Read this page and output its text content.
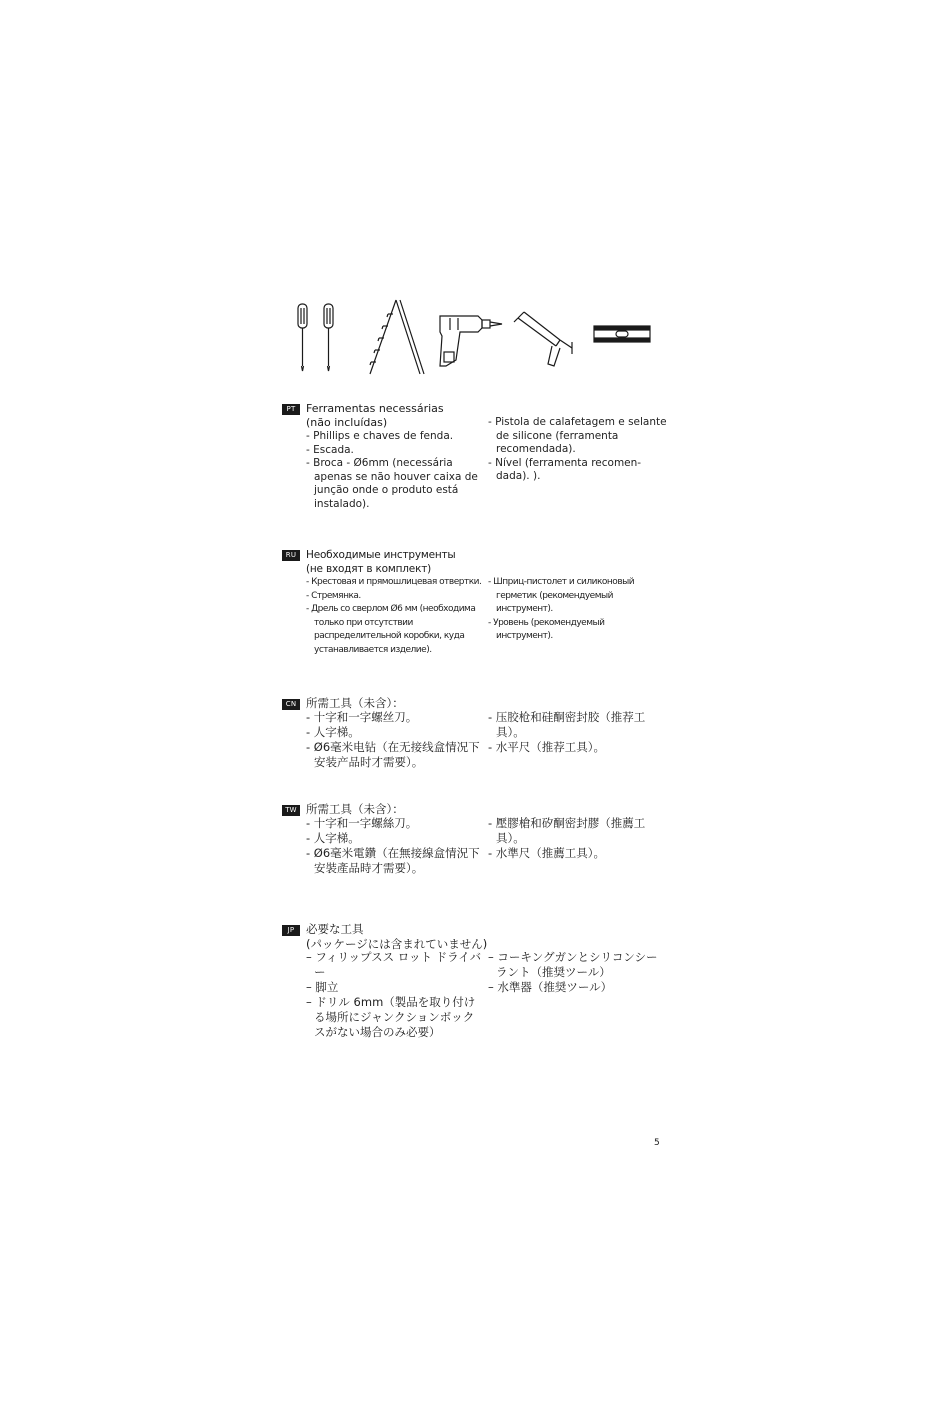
PT Ferramentas necessárias
(não incluídas)
- Phillips e chaves de fenda.
- Escada.
- Broca - Ø6mm (necessária apenas se não houver caixa de junção onde o produto está instalado).
- Pistola de calafetagem e selante de silicone (ferramenta recomendada).
- Nível (ferramenta recomen-dada). ).
RU Необходимые инструменты
(не входят в комплект)
- Крестовая и прямошлицевая отвертки.
- Стремянка.
- Дрель со сверлом Ø6 мм (необходима только при отсутствии распределительной коробки, куда устанавливается изделие).
- Шприц-пистолет и силиконовый герметик (рекомендуемый инструмент).
- Уровень (рекомендуемый инструмент).
CN 所需工具（未含）：
- 十字和一字螺丝刀。
- 人字梯。
- Ø6毫米电钻（在无接线盒情况下安装产品时才需要）。
- 压胶枪和硅酮密封胶（推荐工具）。
- 水平尺（推荐工具）。
TW 所需工具（未含）：
- 十字和一字螺絲刀。
- 人字梯。
- Ø6毫米電鑽（在無接線盒情況下安裝產品時才需要）。
- 壓膠槍和矽酮密封膠（推薦工具）。
- 水準尺（推薦工具）。
JP	必要な工具
(パッケージには含まれていません)
– フィリップスス ロット ドライバー
– 脚立
– ドリル 6mm（製品を取り付ける場所にジャンクションボックスがない場合のみ必要）
– コーキングガンとシリコンシーラント（推奨ツール）
– 水準器（推奨ツール）
5
